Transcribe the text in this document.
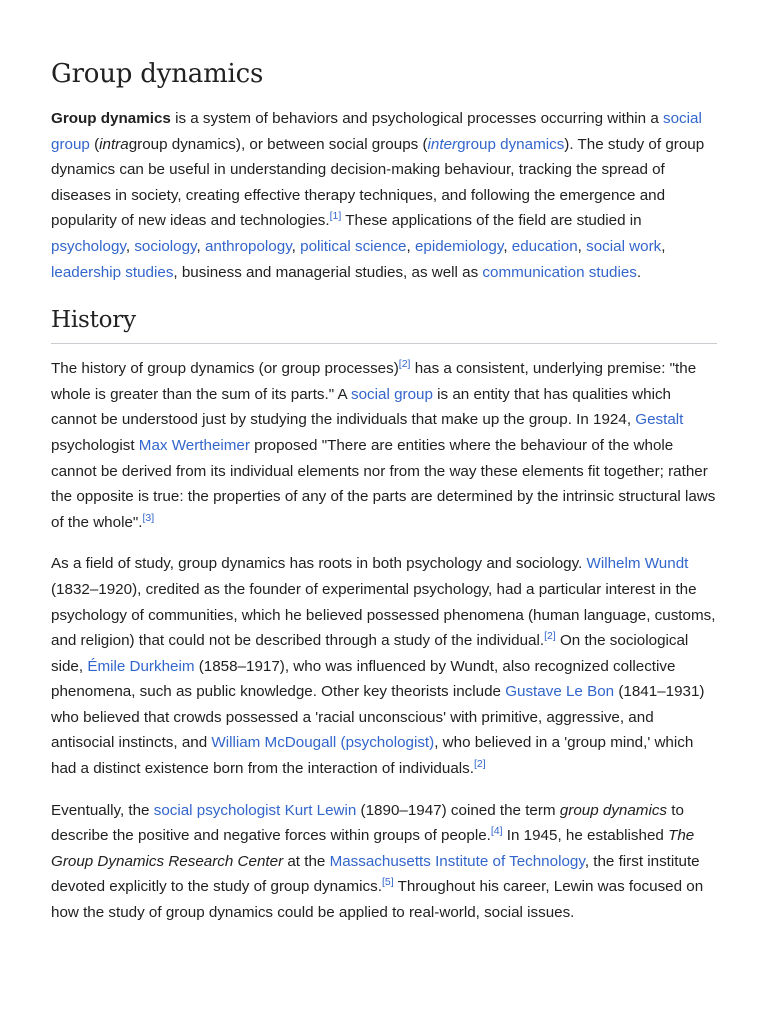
Group dynamics

Group dynamics is a system of behaviors and psychological processes occurring within a social group (intragroup dynamics), or between social groups (intergroup dynamics). The study of group dynamics can be useful in understanding decision-making behaviour, tracking the spread of diseases in society, creating effective therapy techniques, and following the emergence and popularity of new ideas and technologies.[1] These applications of the field are studied in psychology, sociology, anthropology, political science, epidemiology, education, social work, leadership studies, business and managerial studies, as well as communication studies.

History

The history of group dynamics (or group processes)[2] has a consistent, underlying premise: "the whole is greater than the sum of its parts." A social group is an entity that has qualities which cannot be understood just by studying the individuals that make up the group. In 1924, Gestalt psychologist Max Wertheimer proposed "There are entities where the behaviour of the whole cannot be derived from its individual elements nor from the way these elements fit together; rather the opposite is true: the properties of any of the parts are determined by the intrinsic structural laws of the whole".[3]

As a field of study, group dynamics has roots in both psychology and sociology. Wilhelm Wundt (1832–1920), credited as the founder of experimental psychology, had a particular interest in the psychology of communities, which he believed possessed phenomena (human language, customs, and religion) that could not be described through a study of the individual.[2] On the sociological side, Émile Durkheim (1858–1917), who was influenced by Wundt, also recognized collective phenomena, such as public knowledge. Other key theorists include Gustave Le Bon (1841–1931) who believed that crowds possessed a 'racial unconscious' with primitive, aggressive, and antisocial instincts, and William McDougall (psychologist), who believed in a 'group mind,' which had a distinct existence born from the interaction of individuals.[2]

Eventually, the social psychologist Kurt Lewin (1890–1947) coined the term group dynamics to describe the positive and negative forces within groups of people.[4] In 1945, he established The Group Dynamics Research Center at the Massachusetts Institute of Technology, the first institute devoted explicitly to the study of group dynamics.[5] Throughout his career, Lewin was focused on how the study of group dynamics could be applied to real-world, social issues.
